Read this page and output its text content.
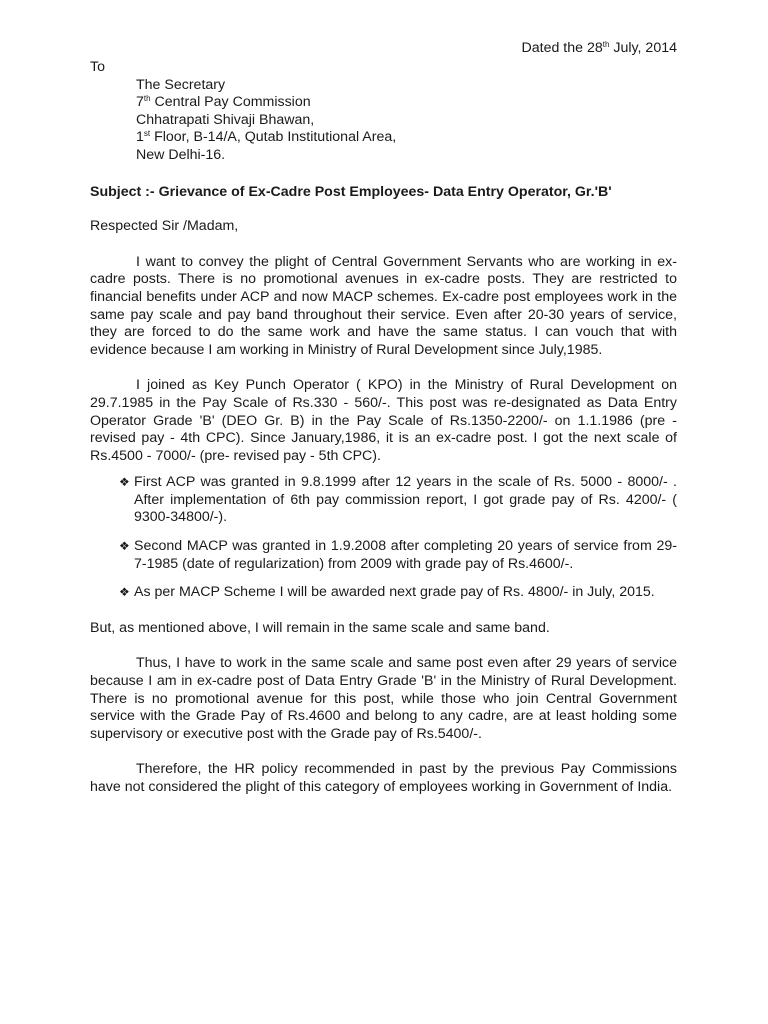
Dated the 28th July, 2014

To

The Secretary
7th Central Pay Commission
Chhatrapati Shivaji Bhawan,
1st Floor, B-14/A, Qutab Institutional Area,
New Delhi-16.

Subject :- Grievance of Ex-Cadre Post Employees- Data Entry Operator, Gr.'B'

Respected Sir /Madam,

I want to convey the plight of Central Government Servants who are working in ex-cadre posts. There is no promotional avenues in ex-cadre posts. They are restricted to financial benefits under ACP and now MACP schemes. Ex-cadre post employees work in the same pay scale and pay band throughout their service. Even after 20-30 years of service, they are forced to do the same work and have the same status. I can vouch that with evidence because I am working in Ministry of Rural Development since July,1985.

I joined as Key Punch Operator ( KPO) in the Ministry of Rural Development on 29.7.1985 in the Pay Scale of Rs.330 - 560/-. This post was re-designated as Data Entry Operator Grade 'B' (DEO Gr. B) in the Pay Scale of Rs.1350-2200/- on 1.1.1986 (pre - revised pay - 4th CPC). Since January,1986, it is an ex-cadre post. I got the next scale of Rs.4500 - 7000/- (pre- revised pay - 5th CPC).

❖ First ACP was granted in 9.8.1999 after 12 years in the scale of Rs. 5000 - 8000/- . After implementation of 6th pay commission report, I got grade pay of Rs. 4200/- ( 9300-34800/-).
❖ Second MACP was granted in 1.9.2008 after completing 20 years of service from 29-7-1985 (date of regularization) from 2009 with grade pay of Rs.4600/-.
❖ As per MACP Scheme I will be awarded next grade pay of Rs. 4800/- in July, 2015.

But, as mentioned above, I will remain in the same scale and same band.

Thus, I have to work in the same scale and same post even after 29 years of service because I am in ex-cadre post of Data Entry Grade 'B' in the Ministry of Rural Development. There is no promotional avenue for this post, while those who join Central Government service with the Grade Pay of Rs.4600 and belong to any cadre, are at least holding some supervisory or executive post with the Grade pay of Rs.5400/-.

Therefore, the HR policy recommended in past by the previous Pay Commissions have not considered the plight of this category of employees working in Government of India.
